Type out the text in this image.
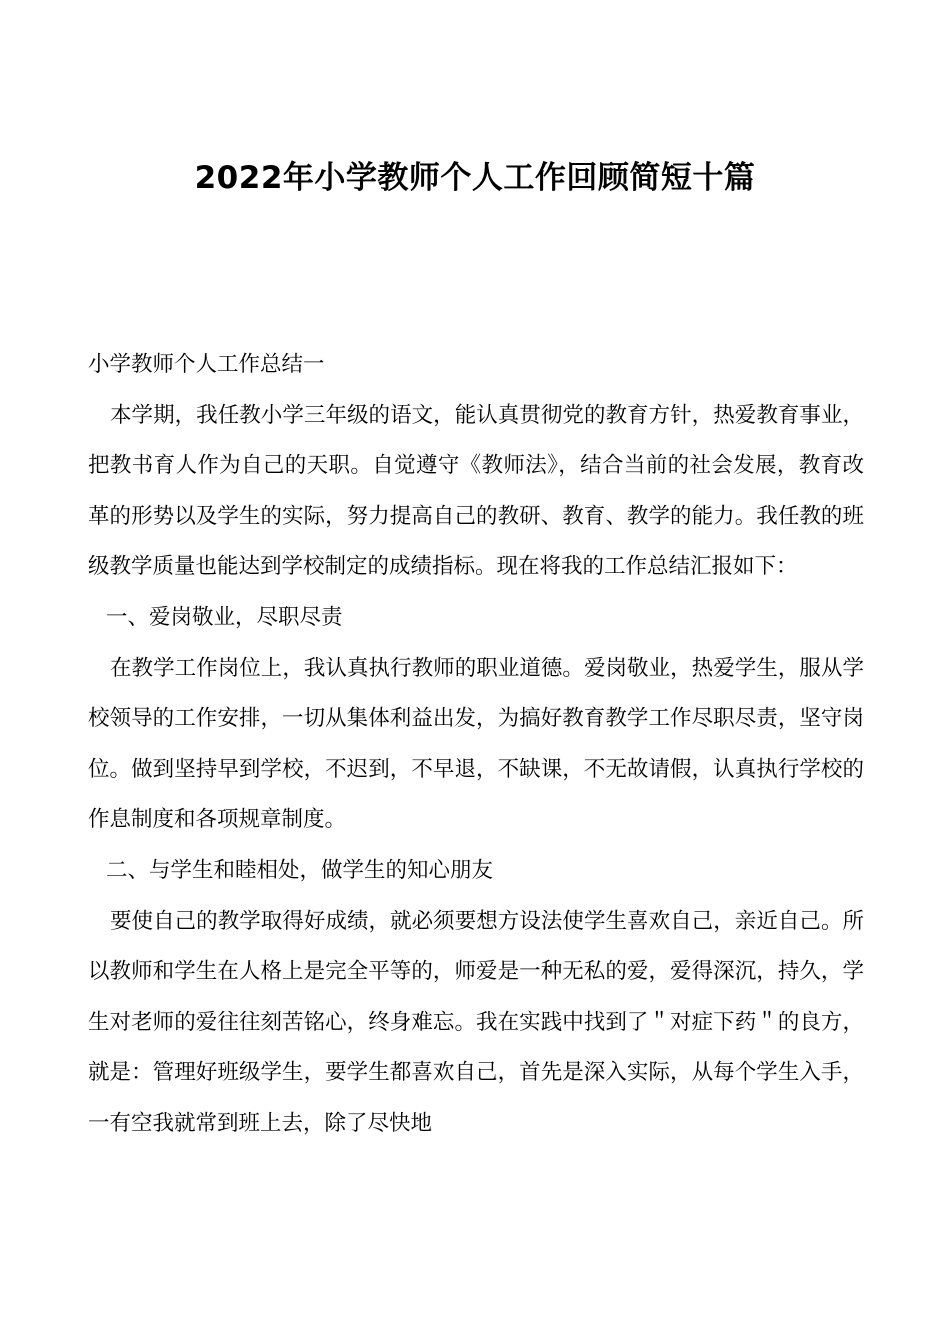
2022年小学教师个人工作回顾简短十篇

小学教师个人工作总结一

本学期，我任教小学三年级的语文，能认真贯彻党的教育方针，热爱教育事业，把教书育人作为自己的天职。自觉遵守《教师法》，结合当前的社会发展，教育改革的形势以及学生的实际，努力提高自己的教研、教育、教学的能力。我任教的班级教学质量也能达到学校制定的成绩指标。现在将我的工作总结汇报如下：

一、爱岗敬业，尽职尽责

在教学工作岗位上，我认真执行教师的职业道德。爱岗敬业，热爱学生，服从学校领导的工作安排，一切从集体利益出发，为搞好教育教学工作尽职尽责，坚守岗位。做到坚持早到学校，不迟到，不早退，不缺课，不无故请假，认真执行学校的作息制度和各项规章制度。

二、与学生和睦相处，做学生的知心朋友

要使自己的教学取得好成绩，就必须要想方设法使学生喜欢自己，亲近自己。所以教师和学生在人格上是完全平等的，师爱是一种无私的爱，爱得深沉，持久，学生对老师的爱往往刻苦铭心，终身难忘。我在实践中找到了＂对症下药＂的良方，就是：管理好班级学生，要学生都喜欢自己，首先是深入实际，从每个学生入手，一有空我就常到班上去，除了尽快地
